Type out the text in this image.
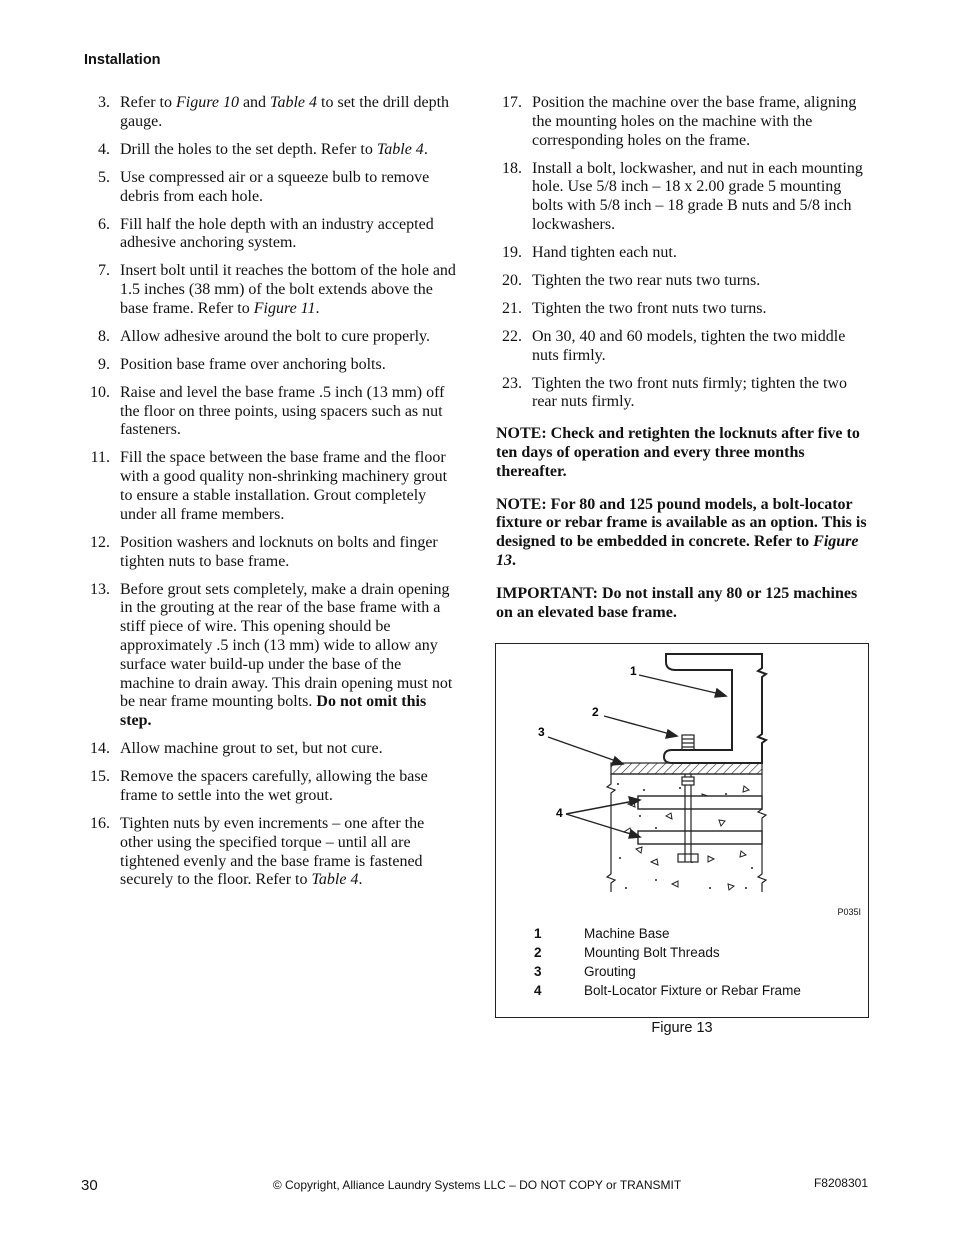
Installation
3. Refer to Figure 10 and Table 4 to set the drill depth gauge.
4. Drill the holes to the set depth. Refer to Table 4.
5. Use compressed air or a squeeze bulb to remove debris from each hole.
6. Fill half the hole depth with an industry accepted adhesive anchoring system.
7. Insert bolt until it reaches the bottom of the hole and 1.5 inches (38 mm) of the bolt extends above the base frame. Refer to Figure 11.
8. Allow adhesive around the bolt to cure properly.
9. Position base frame over anchoring bolts.
10. Raise and level the base frame .5 inch (13 mm) off the floor on three points, using spacers such as nut fasteners.
11. Fill the space between the base frame and the floor with a good quality non-shrinking machinery grout to ensure a stable installation. Grout completely under all frame members.
12. Position washers and locknuts on bolts and finger tighten nuts to base frame.
13. Before grout sets completely, make a drain opening in the grouting at the rear of the base frame with a stiff piece of wire. This opening should be approximately .5 inch (13 mm) wide to allow any surface water build-up under the base of the machine to drain away. This drain opening must not be near frame mounting bolts. Do not omit this step.
14. Allow machine grout to set, but not cure.
15. Remove the spacers carefully, allowing the base frame to settle into the wet grout.
16. Tighten nuts by even increments – one after the other using the specified torque – until all are tightened evenly and the base frame is fastened securely to the floor. Refer to Table 4.
17. Position the machine over the base frame, aligning the mounting holes on the machine with the corresponding holes on the frame.
18. Install a bolt, lockwasher, and nut in each mounting hole. Use 5/8 inch – 18 x 2.00 grade 5 mounting bolts with 5/8 inch – 18 grade B nuts and 5/8 inch lockwashers.
19. Hand tighten each nut.
20. Tighten the two rear nuts two turns.
21. Tighten the two front nuts two turns.
22. On 30, 40 and 60 models, tighten the two middle nuts firmly.
23. Tighten the two front nuts firmly; tighten the two rear nuts firmly.
NOTE: Check and retighten the locknuts after five to ten days of operation and every three months thereafter.
NOTE: For 80 and 125 pound models, a bolt-locator fixture or rebar frame is available as an option. This is designed to be embedded in concrete. Refer to Figure 13.
IMPORTANT: Do not install any 80 or 125 machines on an elevated base frame.
1
2
3
4
P035I
1	Machine Base
2	Mounting Bolt Threads
3	Grouting
4	Bolt-Locator Fixture or Rebar Frame
Figure 13
30	© Copyright, Alliance Laundry Systems LLC – DO NOT COPY or TRANSMIT	F8208301
